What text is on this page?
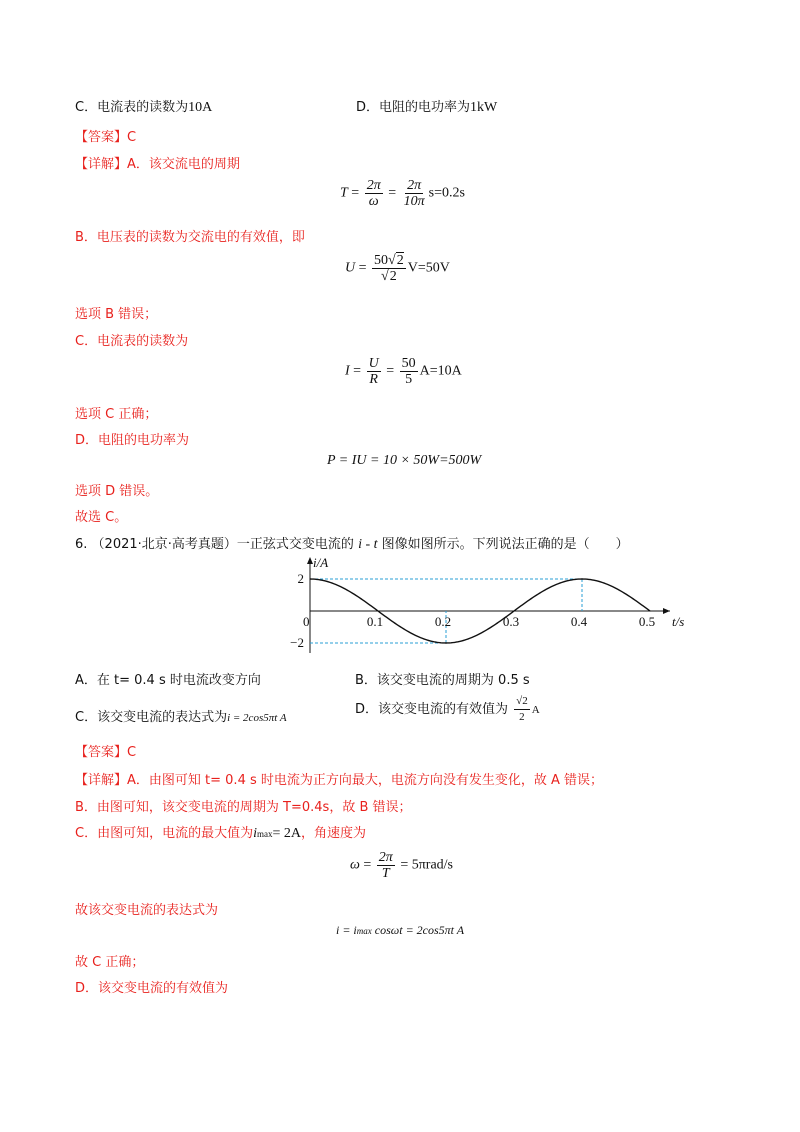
C．电流表的读数为10A	D．电阻的电功率为1kW
【答案】C
【详解】A．该交流电的周期
$T = \frac{2\pi}{\omega} = \frac{2\pi}{10\pi} s=0.2s$
B．电压表的读数为交流电的有效值，即
$U = \frac{50√2}{√2} V=50V$
选项 B 错误；
C．电流表的读数为
$I = \frac{U}{R} = \frac{50}{5} A=10A$
选项 C 正确；
D．电阻的电功率为
P = IU = 10 × 50W=500W
选项 D 错误。
故选 C。
6. （2021·北京·高考真题）一正弦式交变电流的 i - t 图像如图所示。下列说法正确的是（　　）
0	0.1	0.2	0.3	0.4	0.5
2
−2
i/A
t/s
A．在 t= 0.4 s 时电流改变方向	B．该交变电流的周期为 0.5 s
C．该交变电流的表达式为i = 2cos5πt A
D．该交变电流的有效值为 $\frac{√2}{2}$ A
【答案】C
【详解】A．由图可知 t= 0.4 s 时电流为正方向最大，电流方向没有发生变化，故 A 错误；
B．由图可知，该交变电流的周期为 T=0.4s，故 B 错误；
C．由图可知，电流的最大值为imax= 2A，角速度为
$\omega = \frac{2\pi}{T} = 5\pi rad/s$
故该交变电流的表达式为
i = imax cosωt = 2cos5πt A
故 C 正确；
D．该交变电流的有效值为
